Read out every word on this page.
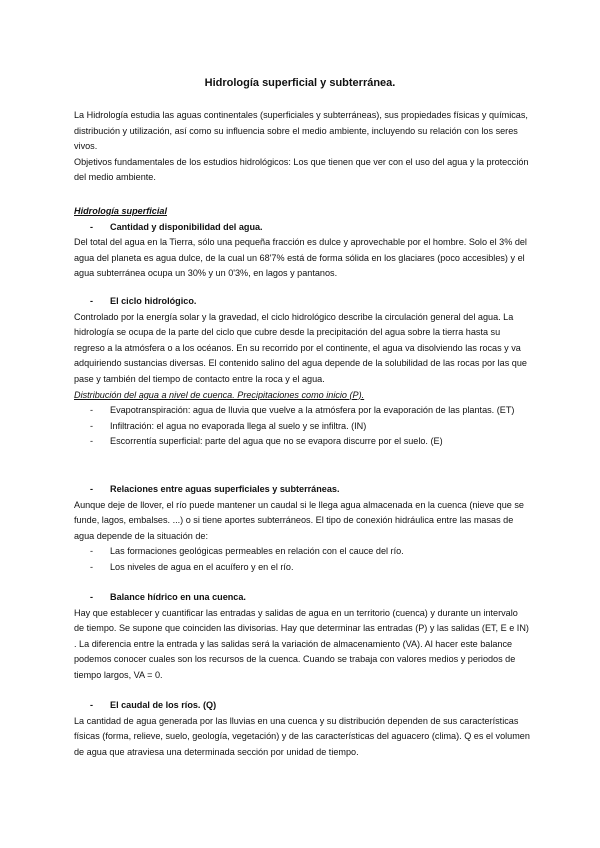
Hidrología superficial y subterránea.

La Hidrología estudia las aguas continentales (superficiales y subterráneas), sus propiedades físicas y químicas, distribución y utilización, así como su influencia sobre el medio ambiente, incluyendo su relación con los seres vivos.

Objetivos fundamentales de los estudios hidrológicos: Los que tienen que ver con el uso del agua y la protección del medio ambiente.

Hidrología superficial

-	Cantidad y disponibilidad del agua.

Del total del agua en la Tierra, sólo una pequeña fracción es dulce y aprovechable por el hombre. Solo el 3% del agua del planeta es agua dulce, de la cual un 68'7% está de forma sólida en los glaciares (poco accesibles) y el agua subterránea ocupa un 30% y un 0'3%, en lagos y pantanos.

-	El ciclo hidrológico.

Controlado por la energía solar y la gravedad, el ciclo hidrológico describe la circulación general del agua. La hidrología se ocupa de la parte del ciclo que cubre desde la precipitación del agua sobre la tierra hasta su regreso a la atmósfera o a los océanos. En su recorrido por el continente, el agua va disolviendo las rocas y va adquiriendo sustancias diversas. El contenido salino del agua depende de la solubilidad de las rocas por las que pase y también del tiempo de contacto entre la roca y el agua.

Distribución del agua a nivel de cuenca. Precipitaciones como inicio (P).

-	Evapotranspiración: agua de lluvia que vuelve a la atmósfera por la evaporación de las plantas. (ET)
-	Infiltración: el agua no evaporada llega al suelo y se infiltra. (IN)
-	Escorrentía superficial: parte del agua que no se evapora discurre por el suelo. (E)
-	Relaciones entre aguas superficiales y subterráneas.

Aunque deje de llover, el río puede mantener un caudal si le llega agua almacenada en la cuenca (nieve que se funde, lagos, embalses. ...) o si tiene aportes subterráneos. El tipo de conexión hidráulica entre las masas de agua depende de la situación de:

-	Las formaciones geológicas permeables en relación con el cauce del río.
-	Los niveles de agua en el acuífero y en el río.
-	Balance hídrico en una cuenca.

Hay que establecer y cuantificar las entradas y salidas de agua en un territorio (cuenca) y durante un intervalo de tiempo. Se supone que coinciden las divisorias. Hay que determinar las entradas (P) y las salidas (ET, E e IN) . La diferencia entre la entrada y las salidas será la variación de almacenamiento (VA). Al hacer este balance podemos conocer cuales son los recursos de la cuenca. Cuando se trabaja con valores medios y periodos de tiempo largos, VA = 0.

-	El caudal de los ríos. (Q)

La cantidad de agua generada por las lluvias en una cuenca y su distribución dependen de sus características físicas (forma, relieve, suelo, geología, vegetación) y de las características del aguacero (clima). Q es el volumen de agua que atraviesa una determinada sección por unidad de tiempo.
